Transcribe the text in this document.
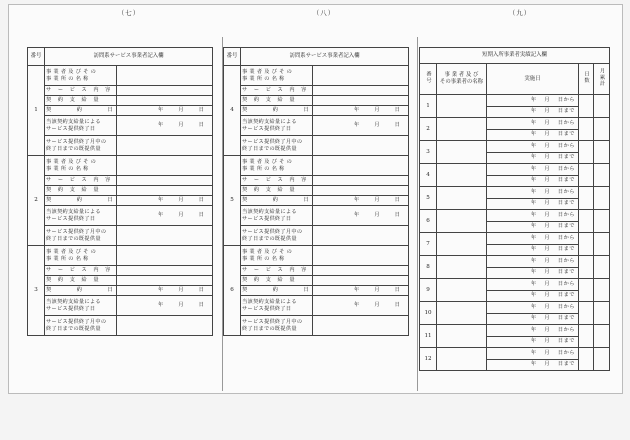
（七）	（八）	（九）
番号	訪問系サービス事業者記入欄	
1	事 業 者 及 び そ の
事 業 所 の 名 称	
	サ ー ビ ス 内 容	
	契 約 支 給 量	
	契　　　約　　　日	年　月　日
	当該契約支給量による
サービス提供終了日	年　月　日
	サービス提供終了月中の
終了日までの既提供量	
2	事 業 者 及 び そ の
事 業 所 の 名 称	
	サ ー ビ ス 内 容	
	契 約 支 給 量	
	契　　　約　　　日	年　月　日
	当該契約支給量による
サービス提供終了日	年　月　日
	サービス提供終了月中の
終了日までの既提供量	
3	事 業 者 及 び そ の
事 業 所 の 名 称	
	サ ー ビ ス 内 容	
	契 約 支 給 量	
	契　　　約　　　日	年　月　日
	当該契約支給量による
サービス提供終了日	年　月　日
	サービス提供終了月中の
終了日までの既提供量	
番号	訪問系サービス事業者記入欄	
4	事 業 者 及 び そ の
事 業 所 の 名 称	
	サ ー ビ ス 内 容	
	契 約 支 給 量	
	契　　　約　　　日	年　月　日
	当該契約支給量による
サービス提供終了日	年　月　日
	サービス提供終了月中の
終了日までの既提供量	
5	事 業 者 及 び そ の
事 業 所 の 名 称	
	サ ー ビ ス 内 容	
	契 約 支 給 量	
	契　　　約　　　日	年　月　日
	当該契約支給量による
サービス提供終了日	年　月　日
	サービス提供終了月中の
終了日までの既提供量	
6	事 業 者 及 び そ の
事 業 所 の 名 称	
	サ ー ビ ス 内 容	
	契 約 支 給 量	
	契　　　約　　　日	年　月　日
	当該契約支給量による
サービス提供終了日	年　月　日
	サービス提供終了月中の
終了日までの既提供量	
短期入所事業者実績記入欄				
番号	事 業 者 及 び
その事業者の名称	実施日	日数	月累計
1		年　 月 　日から		
		年 　月 　日まで		
2		年　 月 　日から		
		年 　月 　日まで		
3		年　 月 　日から		
		年 　月 　日まで		
4		年　 月 　日から		
		年 　月 　日まで		
5		年　 月 　日から		
		年 　月 　日まで		
6		年　 月 　日から		
		年 　月 　日まで		
7		年　 月 　日から		
		年 　月 　日まで		
8		年　 月 　日から		
		年 　月 　日まで		
9		年　 月 　日から		
		年 　月 　日まで		
10		年　 月 　日から		
		年 　月 　日まで		
11		年　 月 　日から		
		年 　月 　日まで		
12		年　 月 　日から		
		年 　月 　日まで		
